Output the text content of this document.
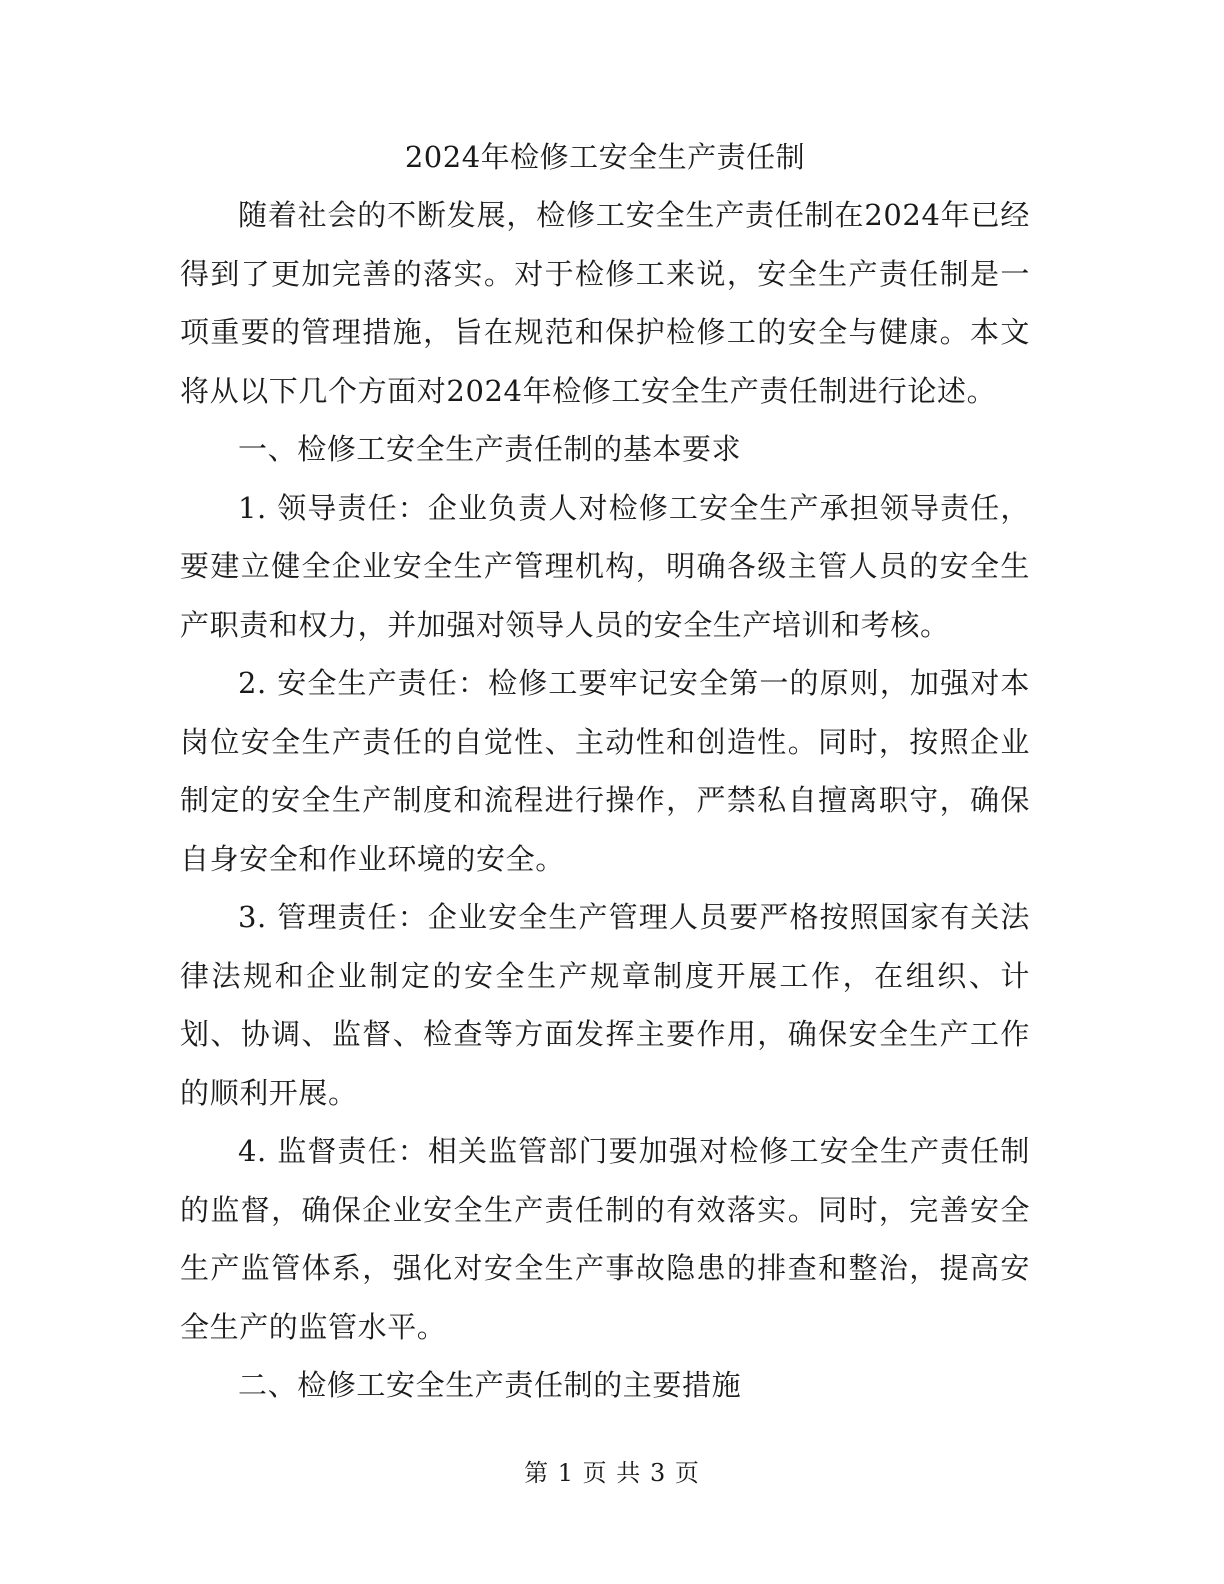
2024年检修工安全生产责任制

随着社会的不断发展，检修工安全生产责任制在2024年已经得到了更加完善的落实。对于检修工来说，安全生产责任制是一项重要的管理措施，旨在规范和保护检修工的安全与健康。本文将从以下几个方面对2024年检修工安全生产责任制进行论述。

一、检修工安全生产责任制的基本要求

1. 领导责任：企业负责人对检修工安全生产承担领导责任，要建立健全企业安全生产管理机构，明确各级主管人员的安全生产职责和权力，并加强对领导人员的安全生产培训和考核。

2. 安全生产责任：检修工要牢记安全第一的原则，加强对本岗位安全生产责任的自觉性、主动性和创造性。同时，按照企业制定的安全生产制度和流程进行操作，严禁私自擅离职守，确保自身安全和作业环境的安全。

3. 管理责任：企业安全生产管理人员要严格按照国家有关法律法规和企业制定的安全生产规章制度开展工作，在组织、计划、协调、监督、检查等方面发挥主要作用，确保安全生产工作的顺利开展。

4. 监督责任：相关监管部门要加强对检修工安全生产责任制的监督，确保企业安全生产责任制的有效落实。同时，完善安全生产监管体系，强化对安全生产事故隐患的排查和整治，提高安全生产的监管水平。

二、检修工安全生产责任制的主要措施

第 1 页 共 3 页
